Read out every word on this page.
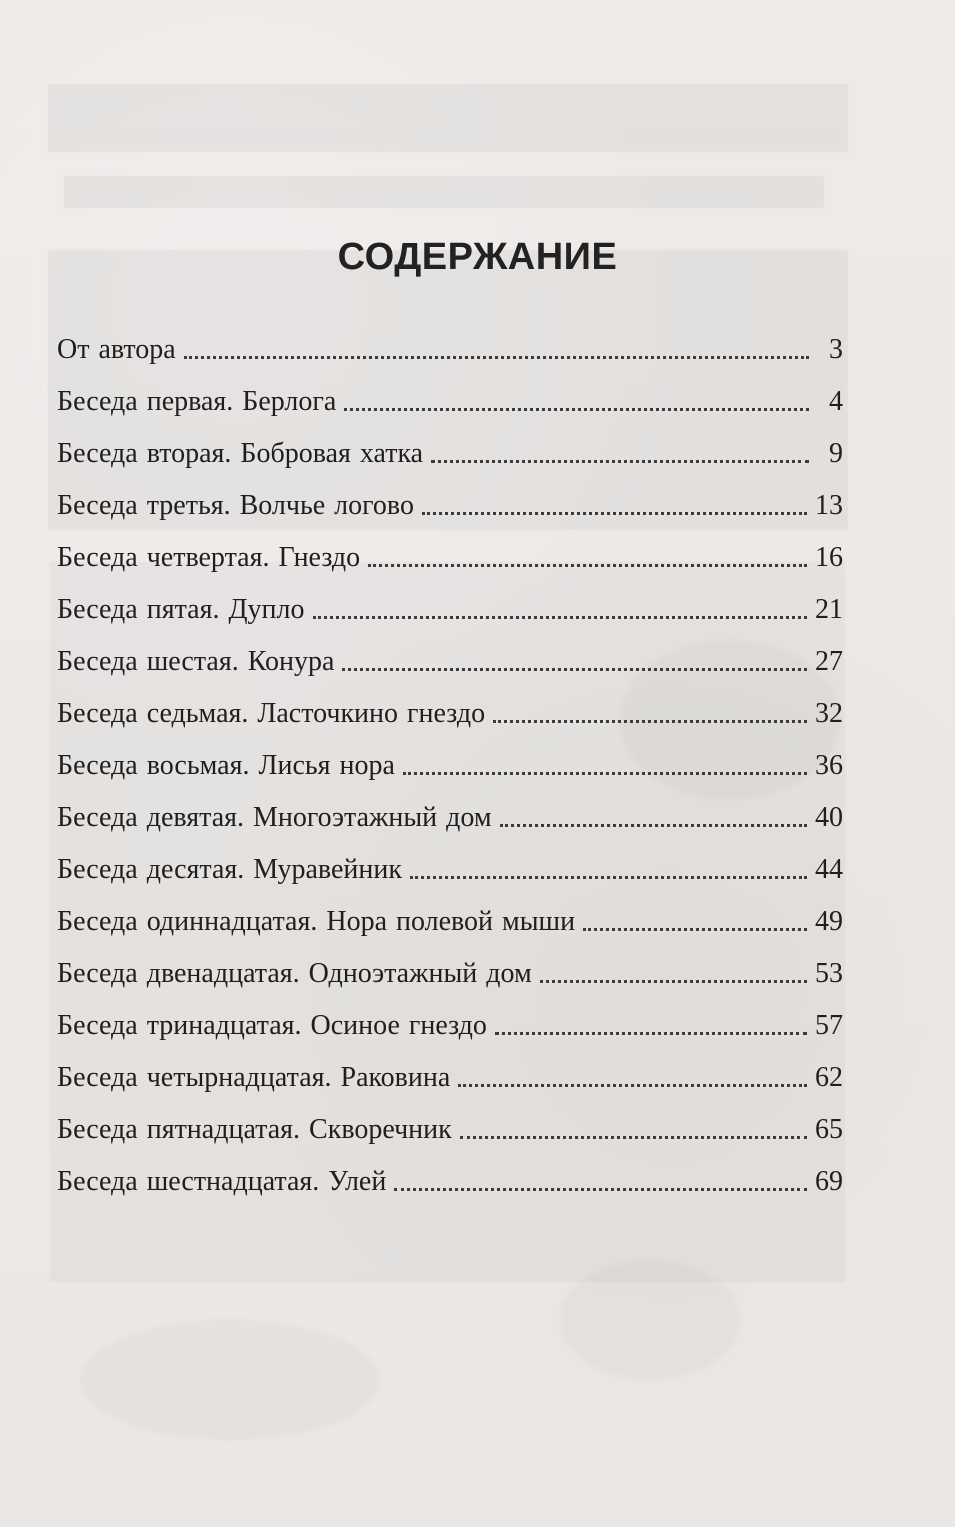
СОДЕРЖАНИЕ
От автора	3
Беседа первая. Берлога	4
Беседа вторая. Бобровая хатка	9
Беседа третья. Волчье логово	13
Беседа четвертая. Гнездо	16
Беседа пятая. Дупло	21
Беседа шестая. Конура	27
Беседа седьмая. Ласточкино гнездо	32
Беседа восьмая. Лисья нора	36
Беседа девятая. Многоэтажный дом	40
Беседа десятая. Муравейник	44
Беседа одиннадцатая. Нора полевой мыши	49
Беседа двенадцатая. Одноэтажный дом	53
Беседа тринадцатая. Осиное гнездо	57
Беседа четырнадцатая. Раковина	62
Беседа пятнадцатая. Скворечник	65
Беседа шестнадцатая. Улей	69
